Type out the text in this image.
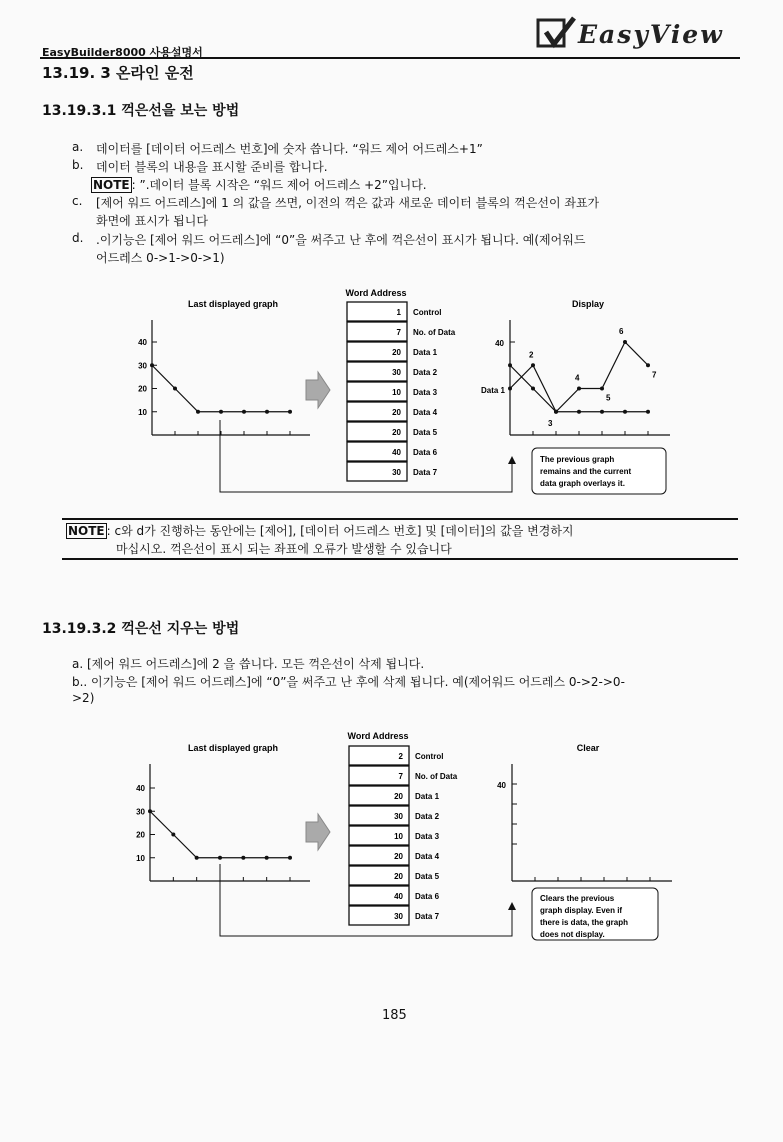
EasyBuilder8000 사용설명서
EasyView
13.19. 3 온라인 운전
13.19.3.1 꺽은선을 보는 방법
a. 데이터를 [데이터 어드레스 번호]에 숫자 씁니다. “워드 제어 어드레스+1”
b. 데이터 블록의 내용을 표시할 준비를 합니다.
NOTE : ”.데이터 블록 시작은 “워드 제어 어드레스 +2”입니다.
c. [제어 워드 어드레스]에 1 의 값을 쓰면, 이전의 꺽은 값과 새로운 데이터 블록의 꺽은선이 좌표가
화면에 표시가 됩니다
d. .이기능은 [제어 워드 어드레스]에 “0”을 써주고 난 후에 꺽은선이 표시가 됩니다. 예(제어워드
어드레스 0->1->0->1)
Last displayed graph
40
30
20
10
Word Address
1 Control
7 No. of Data
20 Data 1
30 Data 2
10 Data 3
20 Data 4
20 Data 5
40 Data 6
30 Data 7
Display
40
Data 1
2
3
4
5
6
7
The previous graph
remains and the current
data graph overlays it.
NOTE : c와 d가 진행하는 동안에는 [제어], [데이터 어드레스 번호] 및 [데이터]의 값을 변경하지
마십시오. 꺽은선이 표시 되는 좌표에 오류가 발생할 수 있습니다
13.19.3.2 꺽은선 지우는 방법
a. [제어 워드 어드레스]에 2 을 씁니다. 모든 꺽은선이 삭제 됩니다.
b.. 이기능은 [제어 워드 어드레스]에 “0”을 써주고 난 후에 삭제 됩니다. 예(제어워드 어드레스 0->2->0-
>2)
Last displayed graph
40
30
20
10
Word Address
2 Control
7 No. of Data
20 Data 1
30 Data 2
10 Data 3
20 Data 4
20 Data 5
40 Data 6
30 Data 7
Clear
40
Clears the previous
graph display. Even if
there is data, the graph
does not display.
185
